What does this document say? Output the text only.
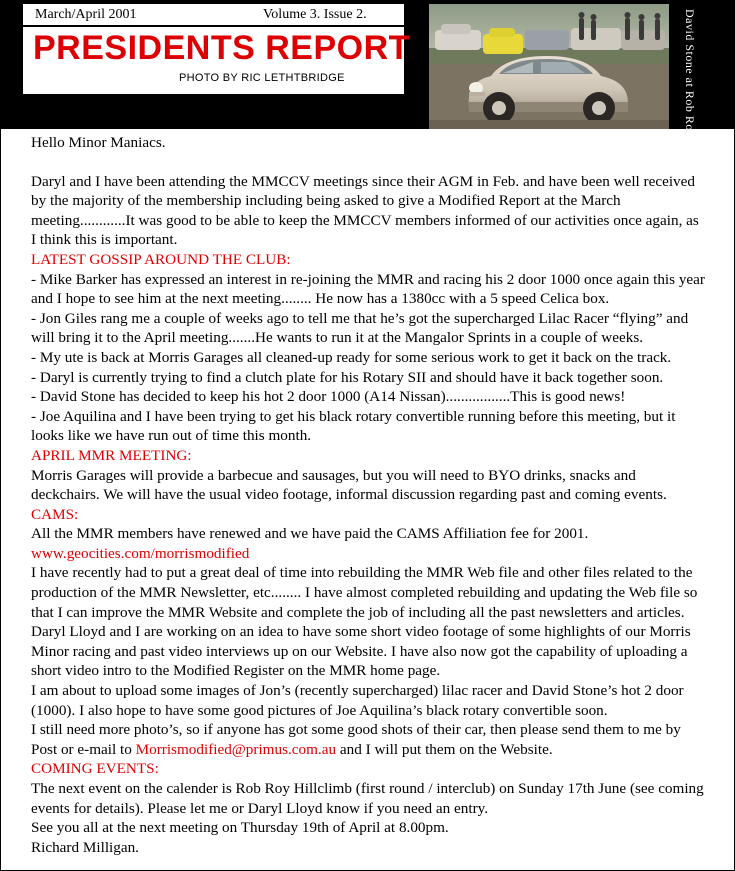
March/April 2001	Volume 3. Issue 2.
PRESIDENTS REPORT
PHOTO BY RIC LETHTBRIDGE	David Stone at Rob Roy

Hello Minor Maniacs.

Daryl and I have been attending the MMCCV meetings since their AGM in Feb. and have been well received by the majority of the membership including being asked to give a Modified Report at the March meeting............It was good to be able to keep the MMCCV members informed of our activities once again, as I think this is important.

LATEST GOSSIP AROUND THE CLUB:

- Mike Barker has expressed an interest in re-joining the MMR and racing his 2 door 1000 once again this year and I hope to see him at the next meeting........ He now has a 1380cc with a 5 speed Celica box.

- Jon Giles rang me a couple of weeks ago to tell me that he’s got the supercharged Lilac Racer “flying” and will bring it to the April meeting.......He wants to run it at the Mangalor Sprints in a couple of weeks.

- My ute is back at Morris Garages all cleaned-up ready for some serious work to get it back on the track.

- Daryl is currently trying to find a clutch plate for his Rotary SII and should have it back together soon.

- David Stone has decided to keep his hot 2 door 1000 (A14 Nissan).................This is good news!

- Joe Aquilina and I have been trying to get his black rotary convertible running before this meeting, but it looks like we have run out of time this month.

APRIL MMR MEETING:

Morris Garages will provide a barbecue and sausages, but you will need to BYO drinks, snacks and deckchairs. We will have the usual video footage, informal discussion regarding past and coming events.

CAMS:

All the MMR members have renewed and we have paid the CAMS Affiliation fee for 2001.

www.geocities.com/morrismodified

I have recently had to put a great deal of time into rebuilding the MMR Web file and other files related to the production of the MMR Newsletter, etc........ I have almost completed rebuilding and updating the Web file so that I can improve the MMR Website and complete the job of including all the past newsletters and articles. Daryl Lloyd and I are working on an idea to have some short video footage of some highlights of our Morris Minor racing and past video interviews up on our Website. I have also now got the capability of uploading a short video intro to the Modified Register on the MMR home page.

I am about to upload some images of Jon’s (recently supercharged) lilac racer and David Stone’s hot 2 door (1000). I also hope to have some good pictures of Joe Aquilina’s black rotary convertible soon.

I still need more photo’s, so if anyone has got some good shots of their car, then please send them to me by Post or e-mail to Morrismodified@primus.com.au and I will put them on the Website.

COMING EVENTS:

The next event on the calender is Rob Roy Hillclimb (first round / interclub) on Sunday 17th June (see coming events for details). Please let me or Daryl Lloyd know if you need an entry.

See you all at the next meeting on Thursday 19th of April at 8.00pm.

Richard Milligan.
